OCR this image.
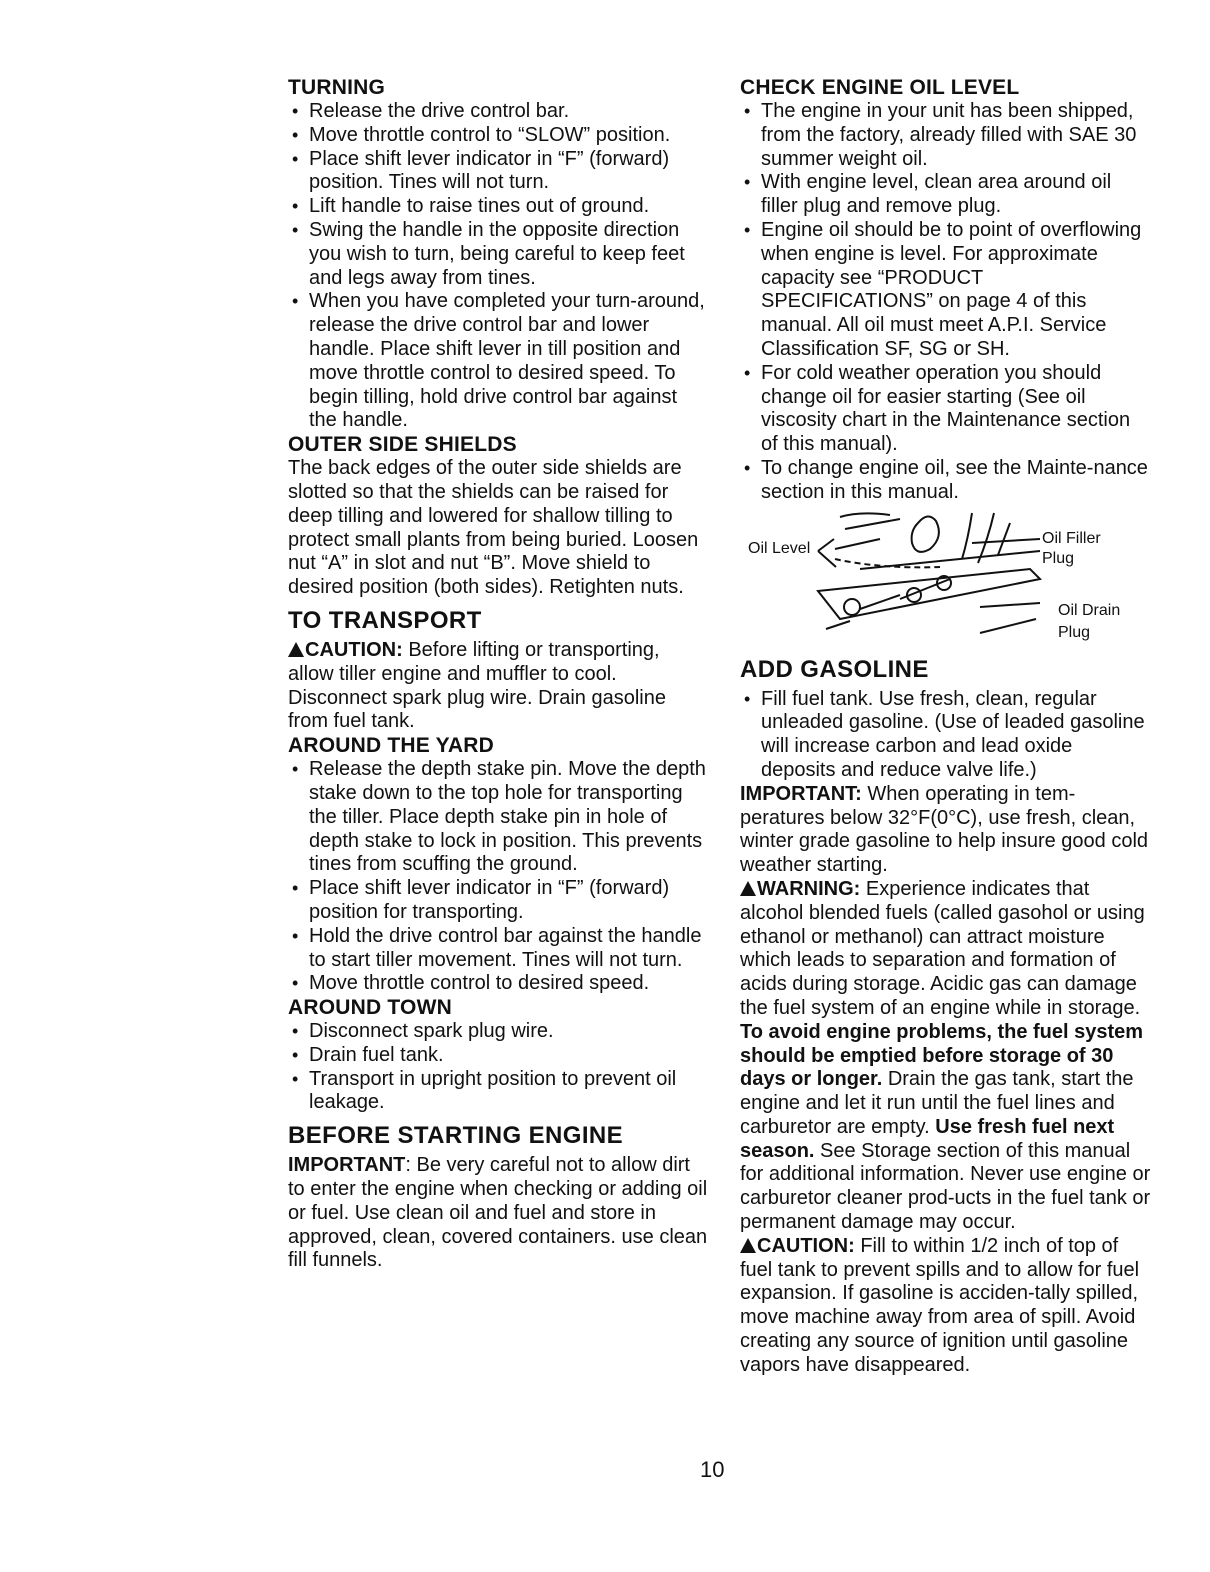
TURNING

• Release the drive control bar.
• Move throttle control to “SLOW” position.
• Place shift lever indicator in “F” (forward) position. Tines will not turn.
• Lift handle to raise tines out of ground.
• Swing the handle in the opposite direction you wish to turn, being careful to keep feet and legs away from tines.
• When you have completed your turn-around, release the drive control bar and lower handle. Place shift lever in till position and move throttle control to desired speed. To begin tilling, hold drive control bar against the handle.

OUTER SIDE SHIELDS

The back edges of the outer side shields are slotted so that the shields can be raised for deep tilling and lowered for shallow tilling to protect small plants from being buried. Loosen nut “A” in slot and nut “B”. Move shield to desired position (both sides). Retighten nuts.

TO TRANSPORT

CAUTION: Before lifting or transporting, allow tiller engine and muffler to cool. Disconnect spark plug wire. Drain gasoline from fuel tank.

AROUND THE YARD

• Release the depth stake pin. Move the depth stake down to the top hole for transporting the tiller. Place depth stake pin in hole of depth stake to lock in position. This prevents tines from scuffing the ground.
• Place shift lever indicator in “F” (forward) position for transporting.
• Hold the drive control bar against the handle to start tiller movement. Tines will not turn.
• Move throttle control to desired speed.

AROUND TOWN

• Disconnect spark plug wire.
• Drain fuel tank.
• Transport in upright position to prevent oil leakage.

BEFORE STARTING ENGINE

IMPORTANT: Be very careful not to allow dirt to enter the engine when checking or adding oil or fuel. Use clean oil and fuel and store in approved, clean, covered containers. use clean fill funnels.

CHECK ENGINE OIL LEVEL

• The engine in your unit has been shipped, from the factory, already filled with SAE 30 summer weight oil.
• With engine level, clean area around oil filler plug and remove plug.
• Engine oil should be to point of overflowing when engine is level. For approximate capacity see “PRODUCT SPECIFICATIONS” on page 4 of this manual. All oil must meet A.P.I. Service Classification SF, SG or SH.
• For cold weather operation you should change oil for easier starting (See oil viscosity chart in the Maintenance section of this manual).
• To change engine oil, see the Mainte-nance section in this manual.
Oil Level
Oil Filler
Plug
Oil Drain
Plug

ADD GASOLINE

• Fill fuel tank. Use fresh, clean, regular unleaded gasoline. (Use of leaded gasoline will increase carbon and lead oxide deposits and reduce valve life.)

IMPORTANT: When operating in tem-peratures below 32°F(0°C), use fresh, clean, winter grade gasoline to help insure good cold weather starting.

WARNING: Experience indicates that alcohol blended fuels (called gasohol or using ethanol or methanol) can attract moisture which leads to separation and formation of acids during storage. Acidic gas can damage the fuel system of an engine while in storage. To avoid engine problems, the fuel system should be emptied before storage of 30 days or longer. Drain the gas tank, start the engine and let it run until the fuel lines and carburetor are empty. Use fresh fuel next season. See Storage section of this manual for additional information. Never use engine or carburetor cleaner prod-ucts in the fuel tank or permanent damage may occur.

CAUTION: Fill to within 1/2 inch of top of fuel tank to prevent spills and to allow for fuel expansion. If gasoline is acciden-tally spilled, move machine away from area of spill. Avoid creating any source of ignition until gasoline vapors have disappeared.

10
